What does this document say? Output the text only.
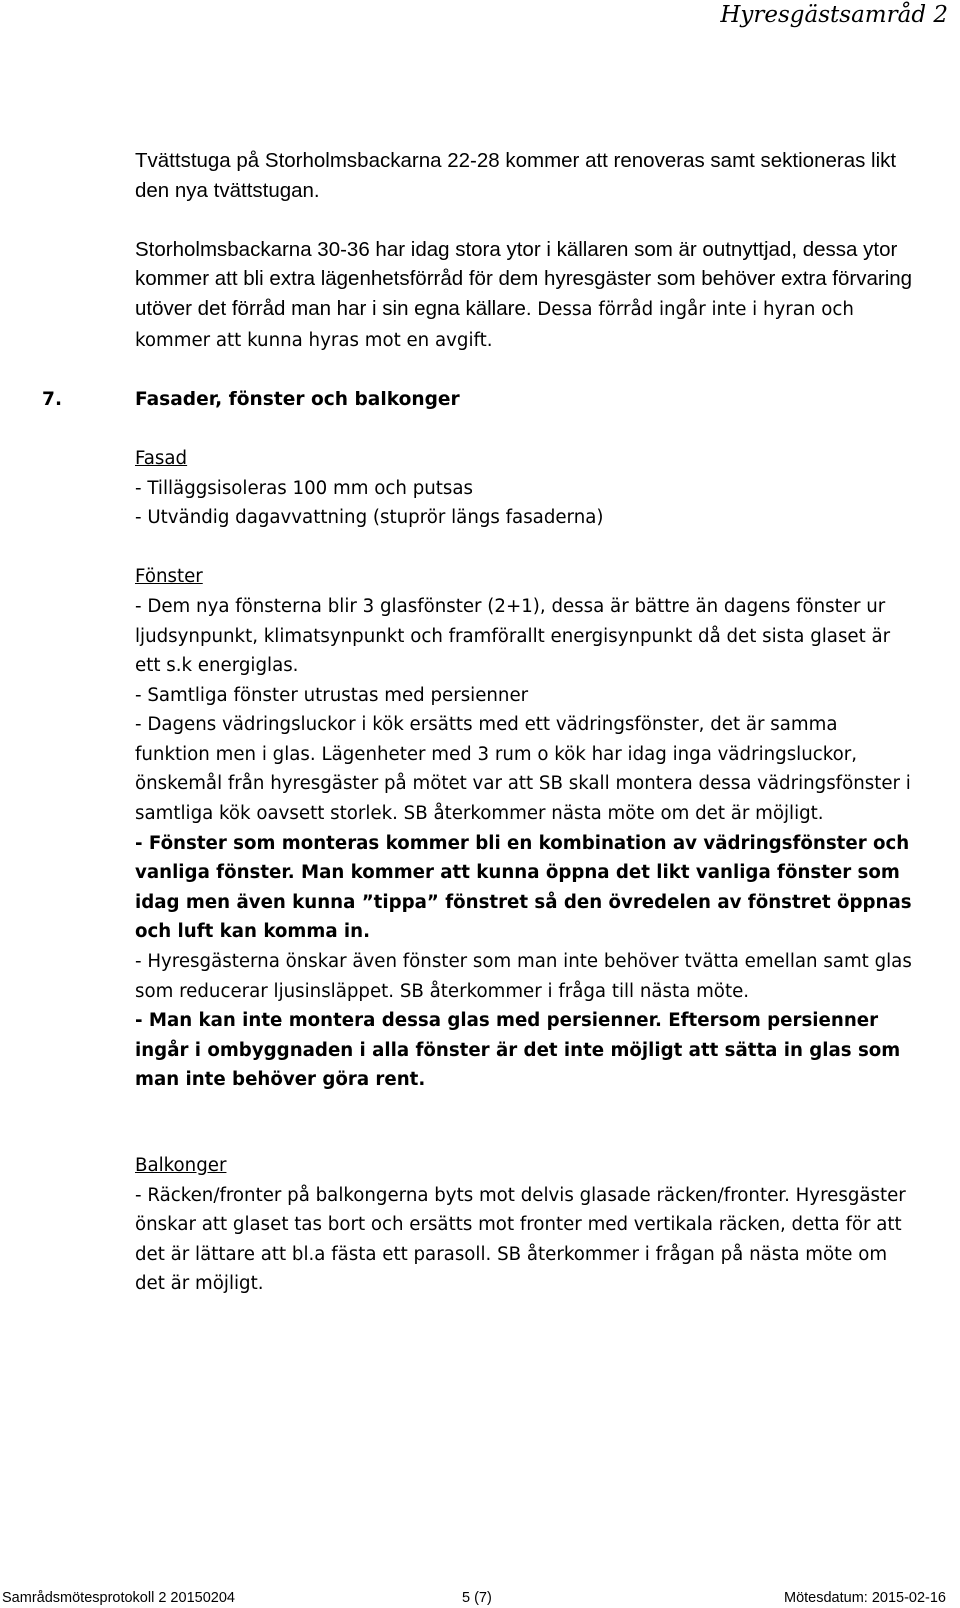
Hyresgästsamråd 2

Tvättstuga på Storholmsbackarna 22-28 kommer att renoveras samt sektioneras likt den nya tvättstugan.

Storholmsbackarna 30-36 har idag stora ytor i källaren som är outnyttjad, dessa ytor kommer att bli extra lägenhetsförråd för dem hyresgäster som behöver extra förvaring utöver det förråd man har i sin egna källare. Dessa förråd ingår inte i hyran och kommer att kunna hyras mot en avgift.

7.	Fasader, fönster och balkonger

Fasad

- Tilläggsisoleras 100 mm och putsas

- Utvändig dagavvattning (stuprör längs fasaderna)

Fönster

- Dem nya fönsterna blir 3 glasfönster (2+1), dessa är bättre än dagens fönster ur ljudsynpunkt, klimatsynpunkt och framförallt energisynpunkt då det sista glaset är ett s.k energiglas.

- Samtliga fönster utrustas med persienner

- Dagens vädringsluckor i kök ersätts med ett vädringsfönster, det är samma funktion men i glas. Lägenheter med 3 rum o kök har idag inga vädringsluckor, önskemål från hyresgäster på mötet var att SB skall montera dessa vädringsfönster i samtliga kök oavsett storlek. SB återkommer nästa möte om det är möjligt.

- Fönster som monteras kommer bli en kombination av vädringsfönster och vanliga fönster. Man kommer att kunna öppna det likt vanliga fönster som idag men även kunna ”tippa” fönstret så den övredelen av fönstret öppnas och luft kan komma in.

- Hyresgästerna önskar även fönster som man inte behöver tvätta emellan samt glas som reducerar ljusinsläppet. SB återkommer i fråga till nästa möte.

- Man kan inte montera dessa glas med persienner. Eftersom persienner ingår i ombyggnaden i alla fönster är det inte möjligt att sätta in glas som man inte behöver göra rent.

Balkonger

- Räcken/fronter på balkongerna byts mot delvis glasade räcken/fronter. Hyresgäster önskar att glaset tas bort och ersätts mot fronter med vertikala räcken, detta för att det är lättare att bl.a fästa ett parasoll. SB återkommer i frågan på nästa möte om det är möjligt.

Samrådsmötesprotokoll 2 20150204	5 (7)	Mötesdatum: 2015-02-16
